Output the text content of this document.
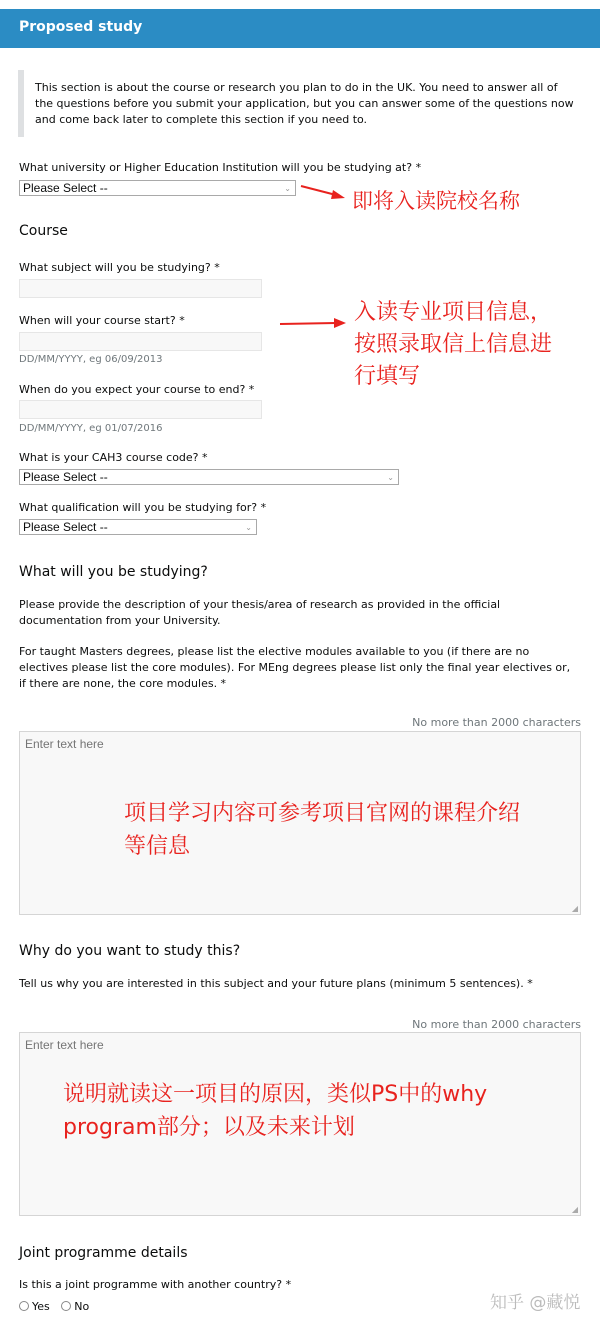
Proposed study
This section is about the course or research you plan to do in the UK. You need to answer all of the questions before you submit your application, but you can answer some of the questions now and come back later to complete this section if you need to.
What university or Higher Education Institution will you be studying at? *
Please Select --	⌄
Course
What subject will you be studying? *
When will your course start? *
DD/MM/YYYY, eg 06/09/2013
When do you expect your course to end? *
DD/MM/YYYY, eg 01/07/2016
What is your CAH3 course code? *
Please Select --	⌄
What qualification will you be studying for? *
Please Select --	⌄
What will you be studying?
Please provide the description of your thesis/area of research as provided in the official documentation from your University.
For taught Masters degrees, please list the elective modules available to you (if there are no electives please list the core modules). For MEng degrees please list only the final year electives or, if there are none, the core modules. *
No more than 2000 characters
Enter text here
◢
Why do you want to study this?
Tell us why you are interested in this subject and your future plans (minimum 5 sentences). *
No more than 2000 characters
Enter text here
◢
Joint programme details
Is this a joint programme with another country? *
Yes No
即将入读院校名称
入读专业项目信息，
按照录取信上信息进
行填写
项目学习内容可参考项目官网的课程介绍
等信息
说明就读这一项目的原因，类似PS中的why
program部分；以及未来计划
知乎 @藏悦
